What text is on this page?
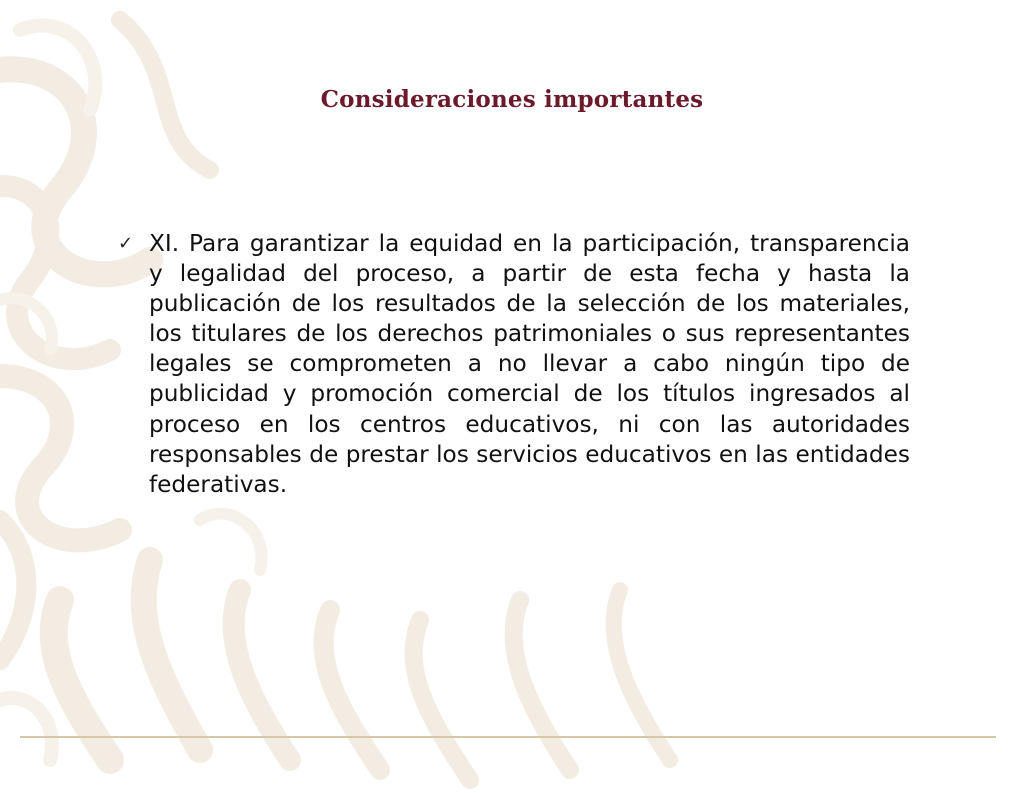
Consideraciones importantes
✓ XI. Para garantizar la equidad en la participación, transparencia y legalidad del proceso, a partir de esta fecha y hasta la publicación de los resultados de la selección de los materiales, los titulares de los derechos patrimoniales o sus representantes legales se comprometen a no llevar a cabo ningún tipo de publicidad y promoción comercial de los títulos ingresados al proceso en los centros educativos, ni con las autoridades responsables de prestar los servicios educativos en las entidades federativas.
